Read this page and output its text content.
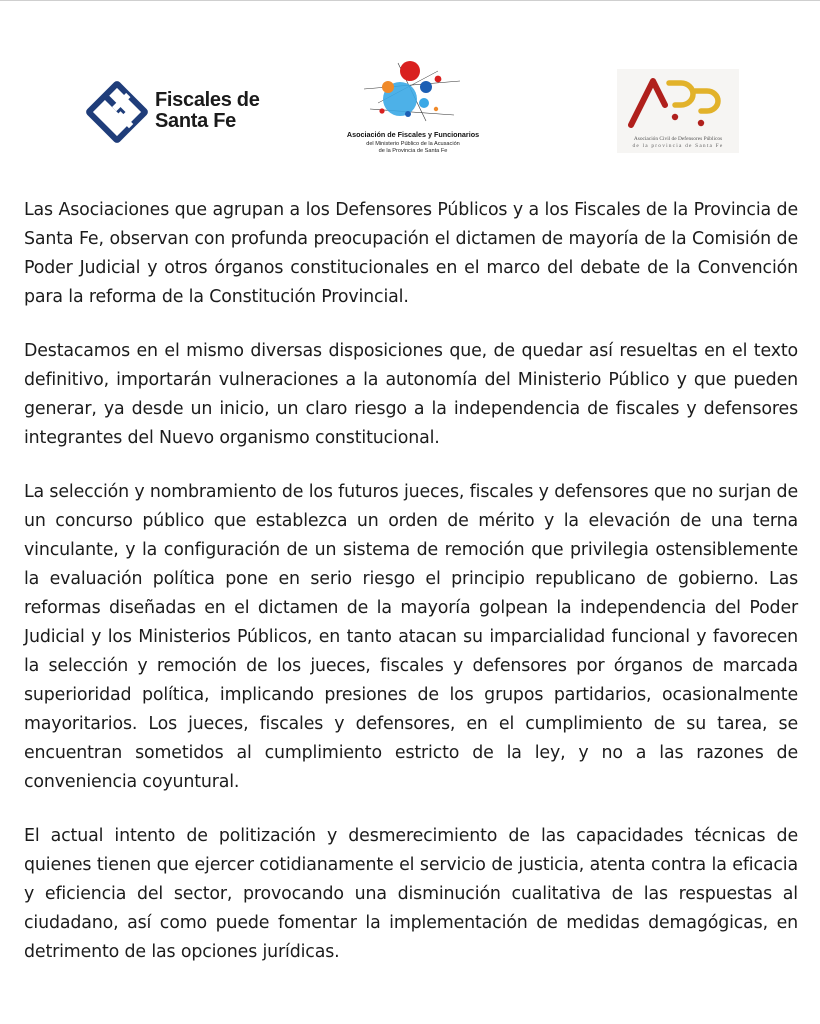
Fiscales de
Santa Fe
Asociación de Fiscales y Funcionarios
del Ministerio Público de la Acusación
de la Provincia de Santa Fe
Asociación Civil de Defensores Públicos
de la provincia de Santa Fe

Las Asociaciones que agrupan a los Defensores Públicos y a los Fiscales de la Provincia de Santa Fe, observan con profunda preocupación el dictamen de mayoría de la Comisión de Poder Judicial y otros órganos constitucionales en el marco del debate de la Convención para la reforma de la Constitución Provincial.

Destacamos en el mismo diversas disposiciones que, de quedar así resueltas en el texto definitivo, importarán vulneraciones a la autonomía del Ministerio Público y que pueden generar, ya desde un inicio, un claro riesgo a la independencia de fiscales y defensores integrantes del Nuevo organismo constitucional.

La selección y nombramiento de los futuros jueces, fiscales y defensores que no surjan de un concurso público que establezca un orden de mérito y la elevación de una terna vinculante, y la configuración de un sistema de remoción que privilegia ostensiblemente la evaluación política pone en serio riesgo el principio republicano de gobierno. Las reformas diseñadas en el dictamen de la mayoría golpean la independencia del Poder Judicial y los Ministerios Públicos, en tanto atacan su imparcialidad funcional y favorecen la selección y remoción de los jueces, fiscales y defensores por órganos de marcada superioridad política, implicando presiones de los grupos partidarios, ocasionalmente mayoritarios. Los jueces, fiscales y defensores, en el cumplimiento de su tarea, se encuentran sometidos al cumplimiento estricto de la ley, y no a las razones de conveniencia coyuntural.

El actual intento de politización y desmerecimiento de las capacidades técnicas de quienes tienen que ejercer cotidianamente el servicio de justicia, atenta contra la eficacia y eficiencia del sector, provocando una disminución cualitativa de las respuestas al ciudadano, así como puede fomentar la implementación de medidas demagógicas, en detrimento de las opciones jurídicas.
